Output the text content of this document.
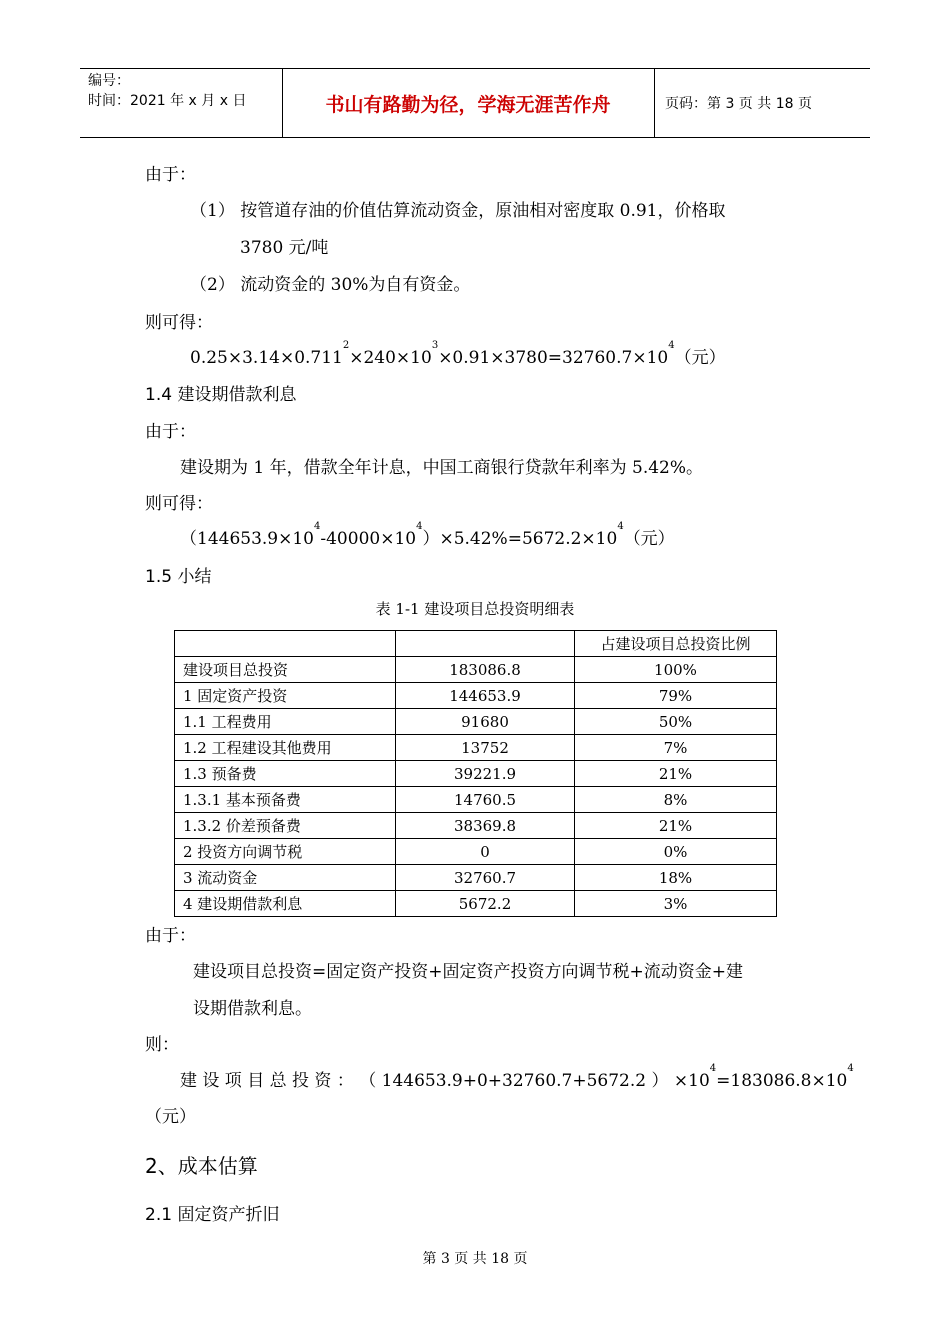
编号：
时间：2021 年 x 月 x 日	书山有路勤为径，学海无涯苦作舟	页码：第 3 页 共 18 页
由于：
（1） 按管道存油的价值估算流动资金，原油相对密度取 0.91，价格取
3780 元/吨
（2） 流动资金的 30%为自有资金。
则可得：
$0.25\times 3.14\times 0.711^2\times 240\times 10^3\times 0.91\times 3780=32760.7\times 10^4$（元）
1.4 建设期借款利息
由于：
建设期为 1 年，借款全年计息，中国工商银行贷款年利率为 5.42%。
则可得：
$(144653.9\times 10^4-40000\times 10^4)\times 5.42\%=5672.2\times 10^4$（元）
1.5 小结
表 1-1 建设项目总投资明细表
		占建设项目总投资比例
建设项目总投资	183086.8	100%
1 固定资产投资	144653.9	79%
1.1 工程费用	91680	50%
1.2 工程建设其他费用	13752	7%
1.3 预备费	39221.9	21%
1.3.1 基本预备费	14760.5	8%
1.3.2 价差预备费	38369.8	21%
2 投资方向调节税	0	0%
3 流动资金	32760.7	18%
4 建设期借款利息	5672.2	3%
由于：
建设项目总投资=固定资产投资+固定资产投资方向调节税+流动资金+建
设期借款利息。
则：
建 设 项 目 总 投 资 ： （ 144653.9+0+32760.7+5672.2 ） $\times 10^4=183086.8\times 10^4$
（元）
2、成本估算
2.1 固定资产折旧
第 3 页 共 18 页
